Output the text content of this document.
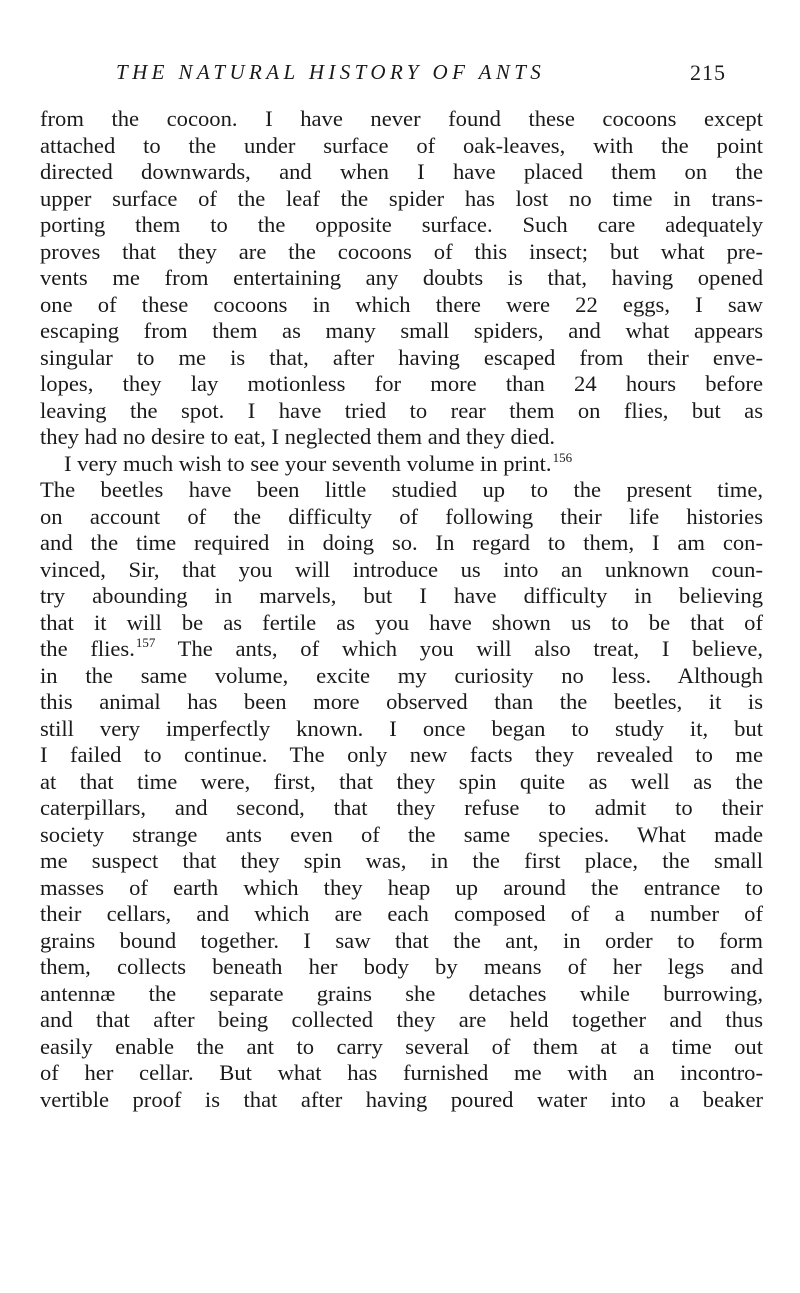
THE NATURAL HISTORY OF ANTS	215
from the cocoon. I have never found these cocoons except
attached to the under surface of oak-leaves, with the point
directed downwards, and when I have placed them on the
upper surface of the leaf the spider has lost no time in trans-
porting them to the opposite surface. Such care adequately
proves that they are the cocoons of this insect; but what pre-
vents me from entertaining any doubts is that, having opened
one of these cocoons in which there were 22 eggs, I saw
escaping from them as many small spiders, and what appears
singular to me is that, after having escaped from their enve-
lopes, they lay motionless for more than 24 hours before
leaving the spot. I have tried to rear them on flies, but as
they had no desire to eat, I neglected them and they died.
I very much wish to see your seventh volume in print.$^{156}$
The beetles have been little studied up to the present time,
on account of the difficulty of following their life histories
and the time required in doing so. In regard to them, I am con-
vinced, Sir, that you will introduce us into an unknown coun-
try abounding in marvels, but I have difficulty in believing
that it will be as fertile as you have shown us to be that of
the flies.$^{157}$ The ants, of which you will also treat, I believe,
in the same volume, excite my curiosity no less. Although
this animal has been more observed than the beetles, it is
still very imperfectly known. I once began to study it, but
I failed to continue. The only new facts they revealed to me
at that time were, first, that they spin quite as well as the
caterpillars, and second, that they refuse to admit to their
society strange ants even of the same species. What made
me suspect that they spin was, in the first place, the small
masses of earth which they heap up around the entrance to
their cellars, and which are each composed of a number of
grains bound together. I saw that the ant, in order to form
them, collects beneath her body by means of her legs and
antennæ the separate grains she detaches while burrowing,
and that after being collected they are held together and thus
easily enable the ant to carry several of them at a time out
of her cellar. But what has furnished me with an incontro-
vertible proof is that after having poured water into a beaker
